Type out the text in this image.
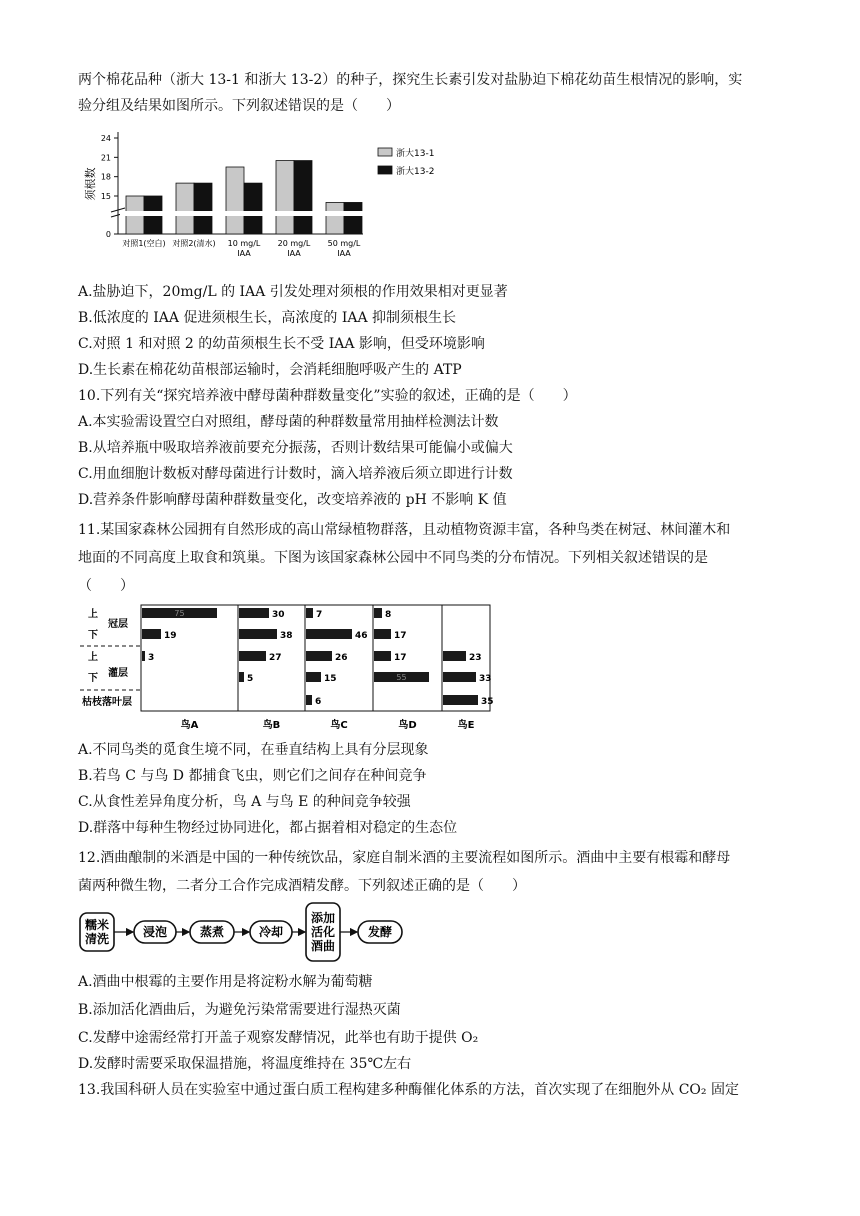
两个棉花品种（浙大 13-1 和浙大 13-2）的种子，探究生长素引发对盐胁迫下棉花幼苗生根情况的影响，实
验分组及结果如图所示。下列叙述错误的是（　　）
0
15
18
21
24
须根数
对照1(空白) 对照2(清水) 10 mg/L
IAA
20 mg/L
IAA
50 mg/L
IAA
浙大13-1
浙大13-2
A.盐胁迫下，20mg/L 的 IAA 引发处理对须根的作用效果相对更显著
B.低浓度的 IAA 促进须根生长，高浓度的 IAA 抑制须根生长
C.对照 1 和对照 2 的幼苗须根生长不受 IAA 影响，但受环境影响
D.生长素在棉花幼苗根部运输时，会消耗细胞呼吸产生的 ATP
10.下列有关“探究培养液中酵母菌种群数量变化”实验的叙述，正确的是（　　）
A.本实验需设置空白对照组，酵母菌的种群数量常用抽样检测法计数
B.从培养瓶中吸取培养液前要充分振荡，否则计数结果可能偏小或偏大
C.用血细胞计数板对酵母菌进行计数时，滴入培养液后须立即进行计数
D.营养条件影响酵母菌种群数量变化，改变培养液的 pH 不影响 K 值
11.某国家森林公园拥有自然形成的高山常绿植物群落，且动植物资源丰富，各种鸟类在树冠、林间灌木和
地面的不同高度上取食和筑巢。下图为该国家森林公园中不同鸟类的分布情况。下列相关叙述错误的是
（　　）
上
冠层
下
上
灌层
下
枯枝落叶层
75
19
3
鸟A
30
38
27
5
鸟B
7
46
26
15
6
鸟C
8
17
17
55
鸟D
23
33
35
鸟E
A.不同鸟类的觅食生境不同，在垂直结构上具有分层现象
B.若鸟 C 与鸟 D 都捕食飞虫，则它们之间存在种间竞争
C.从食性差异角度分析，鸟 A 与鸟 E 的种间竞争较强
D.群落中每种生物经过协同进化，都占据着相对稳定的生态位
12.酒曲酿制的米酒是中国的一种传统饮品，家庭自制米酒的主要流程如图所示。酒曲中主要有根霉和酵母
菌两种微生物，二者分工合作完成酒精发酵。下列叙述正确的是（　　）
糯米清洗	浸泡	蒸煮	冷却
添加活化酒曲
发酵
A.酒曲中根霉的主要作用是将淀粉水解为葡萄糖
B.添加活化酒曲后，为避免污染常需要进行湿热灭菌
C.发酵中途需经常打开盖子观察发酵情况，此举也有助于提供 O₂
D.发酵时需要采取保温措施，将温度维持在 35℃左右
13.我国科研人员在实验室中通过蛋白质工程构建多种酶催化体系的方法，首次实现了在细胞外从 CO₂ 固定
